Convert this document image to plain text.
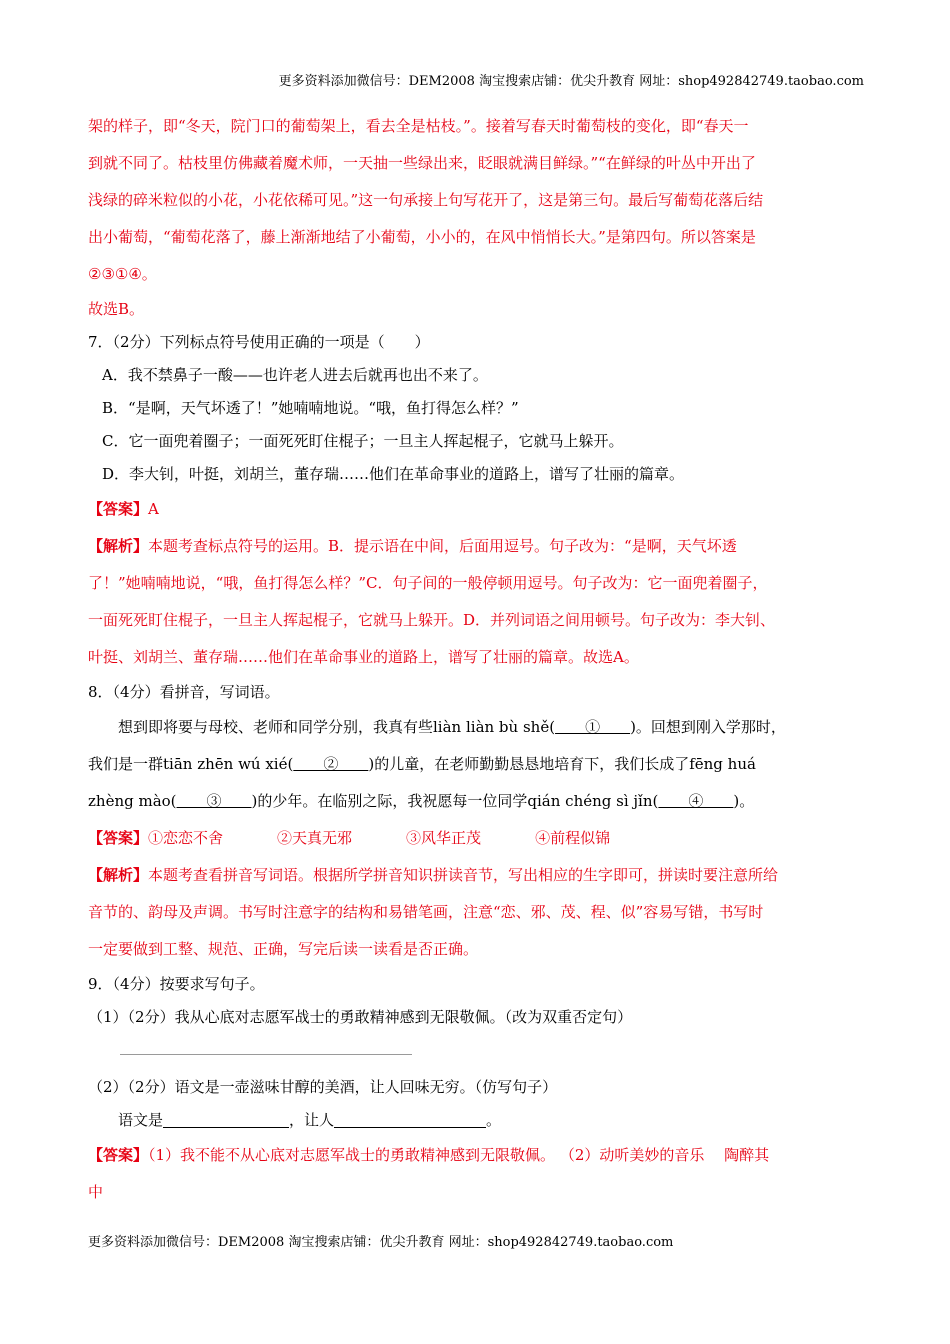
更多资料添加微信号：DEM2008 淘宝搜索店铺：优尖升教育 网址：shop492842749.taobao.com
架的样子，即“冬天，院门口的葡萄架上，看去全是枯枝。”。接着写春天时葡萄枝的变化，即“春天一
到就不同了。枯枝里仿佛藏着魔术师，一天抽一些绿出来，眨眼就满目鲜绿。”“在鲜绿的叶丛中开出了
浅绿的碎米粒似的小花，小花依稀可见。”这一句承接上句写花开了，这是第三句。最后写葡萄花落后结
出小葡萄，“葡萄花落了，藤上渐渐地结了小葡萄，小小的，在风中悄悄长大。”是第四句。所以答案是
②③①④。
故选B。
7．（2分）下列标点符号使用正确的一项是（　　）
A．我不禁鼻子一酸——也许老人进去后就再也出不来了。
B．“是啊，天气坏透了！”她喃喃地说。“哦，鱼打得怎么样？”
C．它一面兜着圈子；一面死死盯住棍子；一旦主人挥起棍子，它就马上躲开。
D．李大钊，叶挺，刘胡兰，董存瑞……他们在革命事业的道路上，谱写了壮丽的篇章。
【答案】A
【解析】本题考查标点符号的运用。B．提示语在中间，后面用逗号。句子改为：“是啊，天气坏透
了！”她喃喃地说，“哦，鱼打得怎么样？”C．句子间的一般停顿用逗号。句子改为：它一面兜着圈子，
一面死死盯住棍子，一旦主人挥起棍子，它就马上躲开。D．并列词语之间用顿号。句子改为：李大钊、
叶挺、刘胡兰、董存瑞……他们在革命事业的道路上，谱写了壮丽的篇章。故选A。
8．（4分）看拼音，写词语。
想到即将要与母校、老师和同学分别，我真有些liàn liàn bù shě(　　①　　)。回想到刚入学那时，
我们是一群tiān zhēn wú xié(　　②　　)的儿童，在老师勤勤恳恳地培育下，我们长成了fēng huá
zhèng mào(　　③　　)的少年。在临别之际，我祝愿每一位同学qián chéng sì jǐn(　　④　　)。
【答案】①恋恋不舍	②天真无邪	③风华正茂	④前程似锦
【解析】本题考查看拼音写词语。根据所学拼音知识拼读音节，写出相应的生字即可，拼读时要注意所给
音节的、韵母及声调。书写时注意字的结构和易错笔画，注意“恋、邪、茂、程、似”容易写错，书写时
一定要做到工整、规范、正确，写完后读一读看是否正确。
9．（4分）按要求写句子。
（1）（2分）我从心底对志愿军战士的勇敢精神感到无限敬佩。（改为双重否定句）
（2）（2分）语文是一壶滋味甘醇的美酒，让人回味无穷。（仿写句子）
语文是	，让人	。
【答案】（1）我不能不从心底对志愿军战士的勇敢精神感到无限敬佩。 （2）动听美妙的音乐　 陶醉其
中
更多资料添加微信号：DEM2008 淘宝搜索店铺：优尖升教育 网址：shop492842749.taobao.com
